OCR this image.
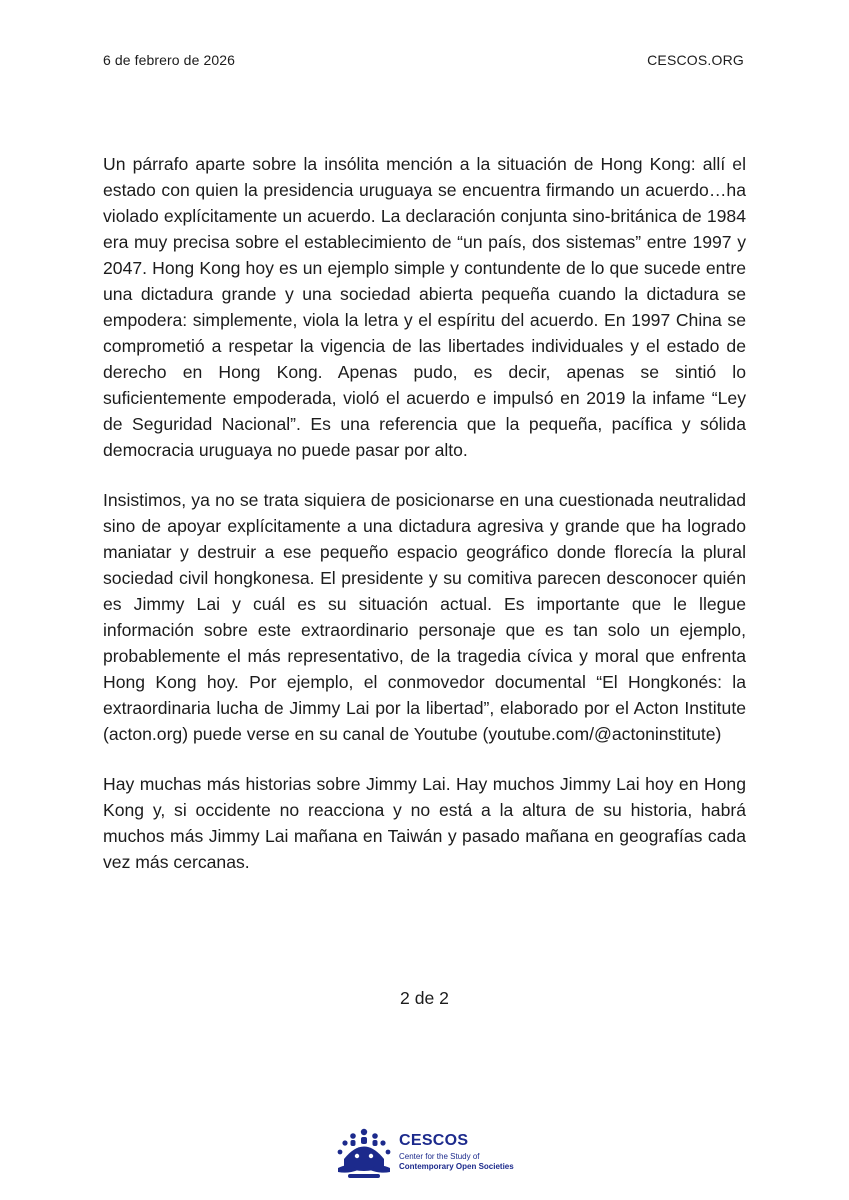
6 de febrero de 2026	CESCOS.ORG

Un párrafo aparte sobre la insólita mención a la situación de Hong Kong: allí el estado con quien la presidencia uruguaya se encuentra firmando un acuerdo…ha violado explícitamente un acuerdo. La declaración conjunta sino-británica de 1984 era muy precisa sobre el establecimiento de “un país, dos sistemas” entre 1997 y 2047. Hong Kong hoy es un ejemplo simple y contundente de lo que sucede entre una dictadura grande y una sociedad abierta pequeña cuando la dictadura se empodera: simplemente, viola la letra y el espíritu del acuerdo. En 1997 China se comprometió a respetar la vigencia de las libertades individuales y el estado de derecho en Hong Kong. Apenas pudo, es decir, apenas se sintió lo suficientemente empoderada, violó el acuerdo e impulsó en 2019 la infame “Ley de Seguridad Nacional”. Es una referencia que la pequeña, pacífica y sólida democracia uruguaya no puede pasar por alto.

Insistimos, ya no se trata siquiera de posicionarse en una cuestionada neutralidad sino de apoyar explícitamente a una dictadura agresiva y grande que ha logrado maniatar y destruir a ese pequeño espacio geográfico donde florecía la plural sociedad civil hongkonesa. El presidente y su comitiva parecen desconocer quién es Jimmy Lai y cuál es su situación actual. Es importante que le llegue información sobre este extraordinario personaje que es tan solo un ejemplo, probablemente el más representativo, de la tragedia cívica y moral que enfrenta Hong Kong hoy. Por ejemplo, el conmovedor documental “El Hongkonés: la extraordinaria lucha de Jimmy Lai por la libertad”, elaborado por el Acton Institute (acton.org) puede verse en su canal de Youtube (youtube.com/@actoninstitute)

Hay muchas más historias sobre Jimmy Lai. Hay muchos Jimmy Lai hoy en Hong Kong y, si occidente no reacciona y no está a la altura de su historia, habrá muchos más Jimmy Lai mañana en Taiwán y pasado mañana en geografías cada vez más cercanas.

2 de 2
CESCOS
Center for the Study of
Contemporary Open Societies
